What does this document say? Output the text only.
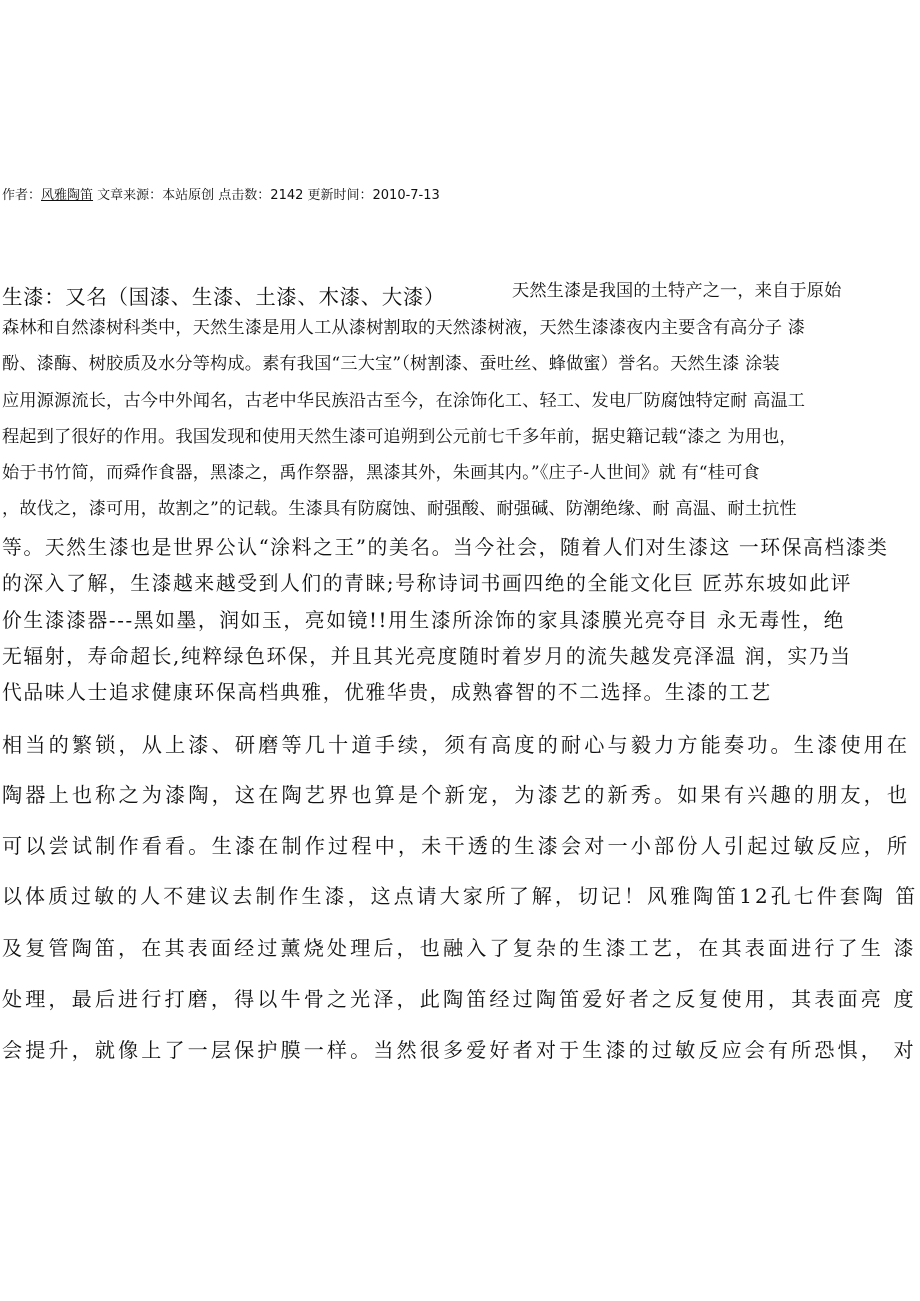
作者：风雅陶笛 文章来源：本站原创 点击数：2142 更新时间：2010-7-13
生漆：又名（国漆、生漆、土漆、木漆、大漆）	天然生漆是我国的土特产之一，来自于原始
森林和自然漆树科类中，天然生漆是用人工从漆树割取的天然漆树液，天然生漆漆夜内主要含有高分子 漆
酚、漆酶、树胶质及水分等构成。素有我国“三大宝”（树割漆、蚕吐丝、蜂做蜜）誉名。天然生漆 涂装
应用源源流长，古今中外闻名，古老中华民族沿古至今，在涂饰化工、轻工、发电厂防腐蚀特定耐 高温工
程起到了很好的作用。我国发现和使用天然生漆可追朔到公元前七千多年前，据史籍记载“漆之 为用也，
始于书竹简，而舜作食器，黑漆之，禹作祭器，黑漆其外，朱画其内。”《庄子-人世间》就 有“桂可食
，故伐之，漆可用，故割之”的记载。生漆具有防腐蚀、耐强酸、耐强碱、防潮绝缘、耐 高温、耐土抗性
等。天然生漆也是世界公认“涂料之王”的美名。当今社会，随着人们对生漆这 一环保高档漆类
的深入了解，生漆越来越受到人们的青睐;号称诗词书画四绝的全能文化巨 匠苏东坡如此评
价生漆漆器---黑如墨，润如玉，亮如镜!!用生漆所涂饰的家具漆膜光亮夺目 永无毒性，绝
无辐射，寿命超长,纯粹绿色环保，并且其光亮度随时着岁月的流失越发亮泽温 润，实乃当
代品味人士追求健康环保高档典雅，优雅华贵，成熟睿智的不二选择。生漆的工艺
相当的繁锁，从上漆、研磨等几十道手续，须有高度的耐心与毅力方能奏功。生漆使用在
陶器上也称之为漆陶，这在陶艺界也算是个新宠，为漆艺的新秀。如果有兴趣的朋友，也
可以尝试制作看看。生漆在制作过程中，未干透的生漆会对一小部份人引起过敏反应，所
以体质过敏的人不建议去制作生漆，这点请大家所了解，切记！风雅陶笛12孔七件套陶 笛
及复管陶笛，在其表面经过薰烧处理后，也融入了复杂的生漆工艺，在其表面进行了生 漆
处理，最后进行打磨，得以牛骨之光泽，此陶笛经过陶笛爱好者之反复使用，其表面亮 度
会提升，就像上了一层保护膜一样。当然很多爱好者对于生漆的过敏反应会有所恐惧， 对
